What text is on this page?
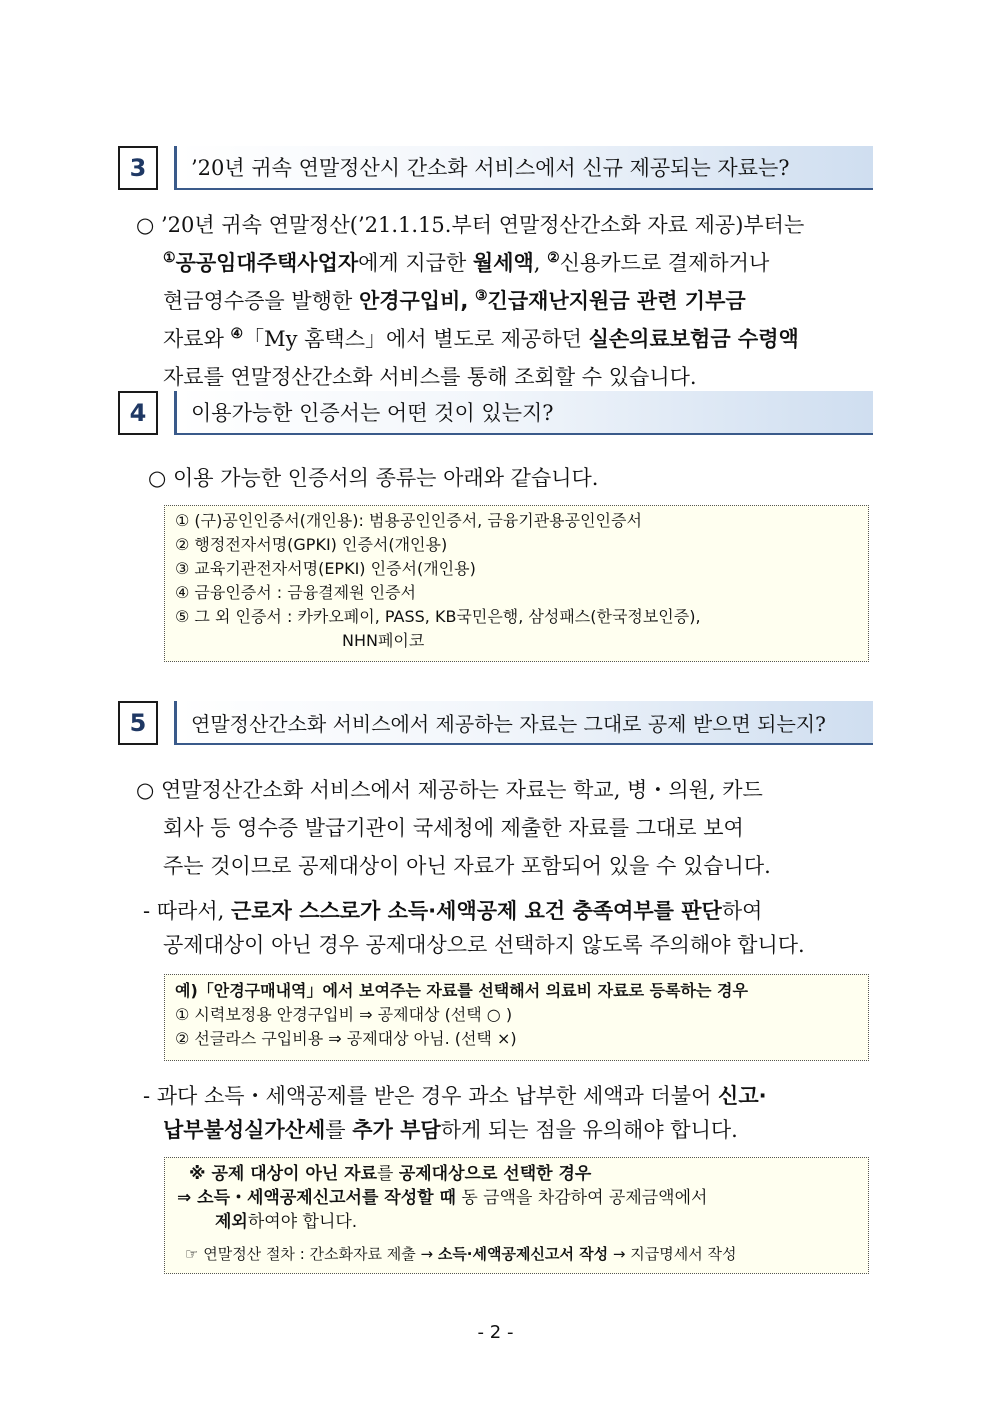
3	’20년 귀속 연말정산시 간소화 서비스에서 신규 제공되는 자료는?
○ ’20년 귀속 연말정산(’21.1.15.부터 연말정산간소화 자료 제공)부터는
①공공임대주택사업자에게 지급한 월세액, ②신용카드로 결제하거나
현금영수증을 발행한 안경구입비, ③긴급재난지원금 관련 기부금
자료와 ④「My 홈택스」에서 별도로 제공하던 실손의료보험금 수령액
자료를 연말정산간소화 서비스를 통해 조회할 수 있습니다.
4	이용가능한 인증서는 어떤 것이 있는지?
○ 이용 가능한 인증서의 종류는 아래와 같습니다.
① (구)공인인증서(개인용): 범용공인인증서, 금융기관용공인인증서
② 행정전자서명(GPKI) 인증서(개인용)
③ 교육기관전자서명(EPKI) 인증서(개인용)
④ 금융인증서 : 금융결제원 인증서
⑤ 그 외 인증서 : 카카오페이, PASS, KB국민은행, 삼성패스(한국정보인증),
NHN페이코
5	연말정산간소화 서비스에서 제공하는 자료는 그대로 공제 받으면 되는지?
○ 연말정산간소화 서비스에서 제공하는 자료는 학교, 병・의원, 카드
회사 등 영수증 발급기관이 국세청에 제출한 자료를 그대로 보여
주는 것이므로 공제대상이 아닌 자료가 포함되어 있을 수 있습니다.
- 따라서, 근로자 스스로가 소득·세액공제 요건 충족여부를 판단하여
공제대상이 아닌 경우 공제대상으로 선택하지 않도록 주의해야 합니다.
예)「안경구매내역」에서 보여주는 자료를 선택해서 의료비 자료로 등록하는 경우
① 시력보정용 안경구입비 ⇒ 공제대상 (선택 ○ )
② 선글라스 구입비용 ⇒ 공제대상 아님. (선택 ×)
- 과다 소득・세액공제를 받은 경우 과소 납부한 세액과 더불어 신고·
납부불성실가산세를 추가 부담하게 되는 점을 유의해야 합니다.
※ 공제 대상이 아닌 자료를 공제대상으로 선택한 경우
⇒ 소득・세액공제신고서를 작성할 때 동 금액을 차감하여 공제금액에서
제외하여야 합니다.
☞ 연말정산 절차 : 간소화자료 제출 → 소득·세액공제신고서 작성 → 지급명세서 작성
- 2 -
